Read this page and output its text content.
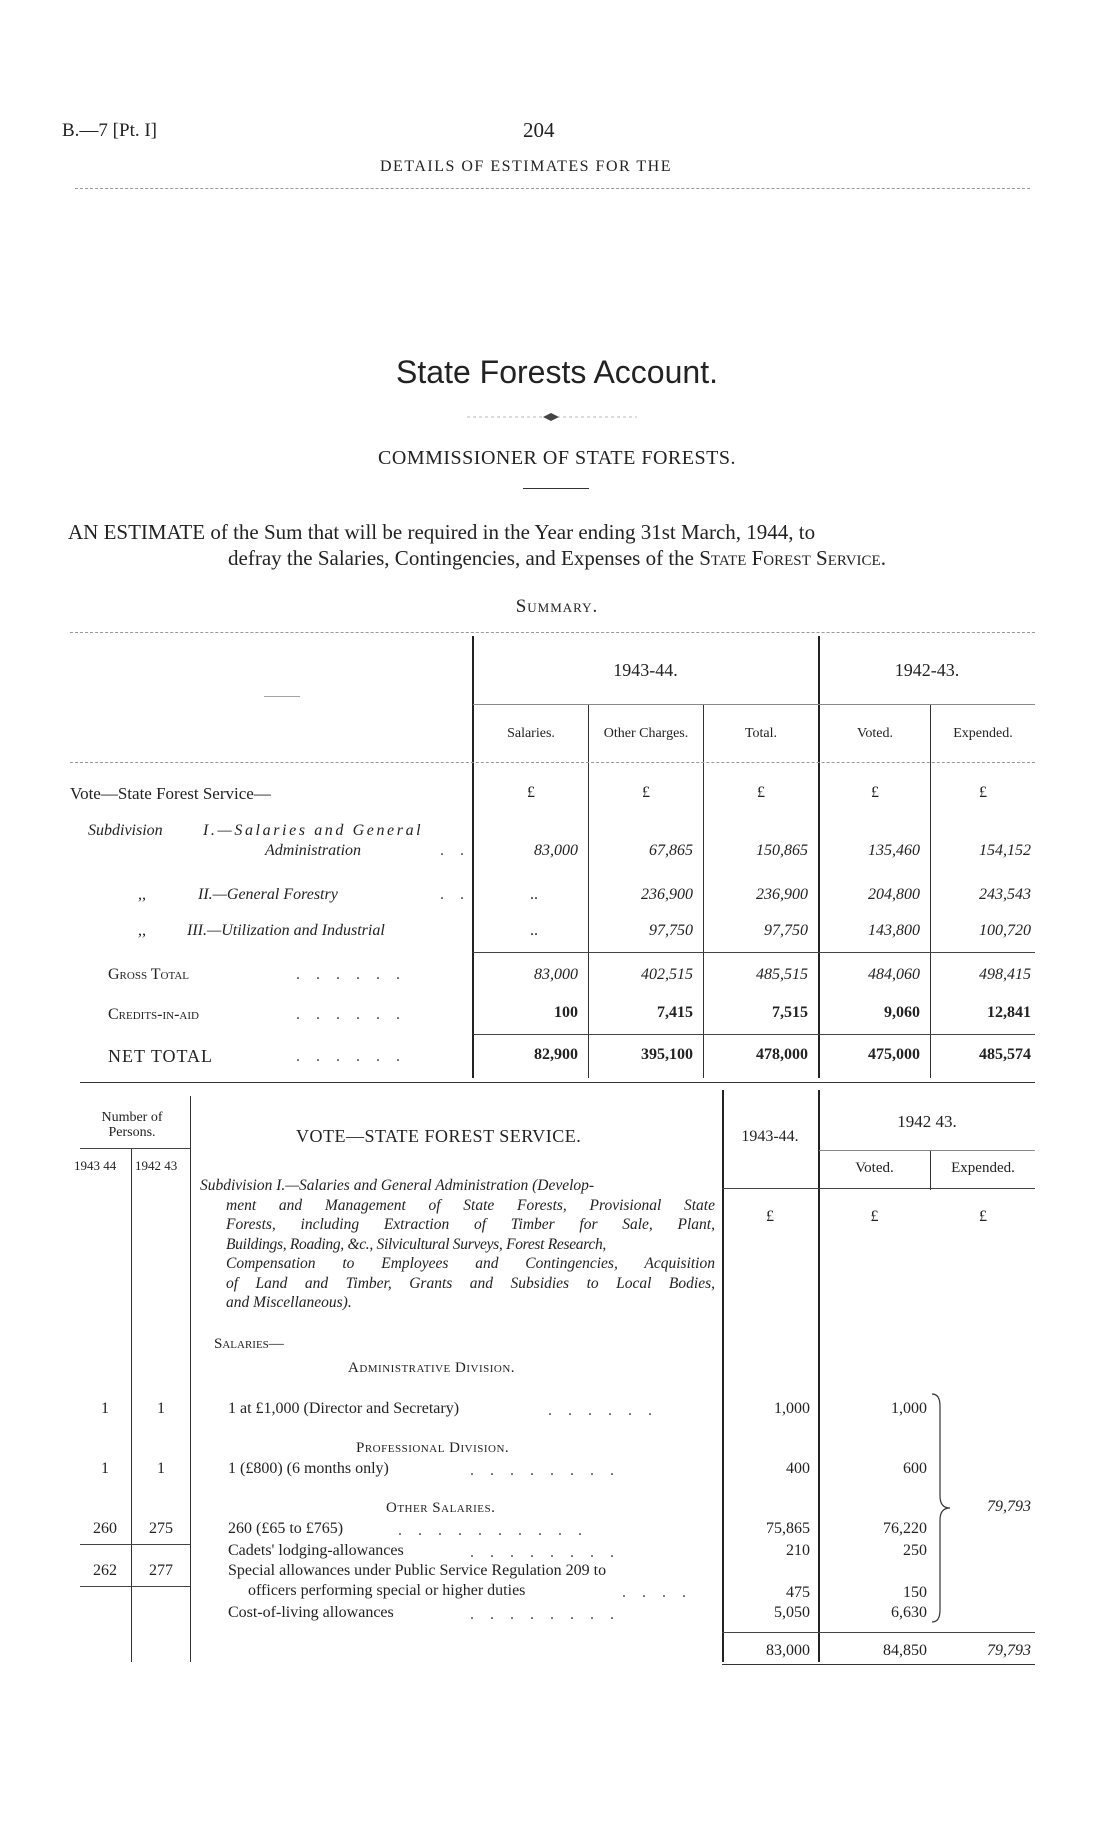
B.—7 [Pt. I]	204
DETAILS OF ESTIMATES FOR THE
State Forests Account.
COMMISSIONER OF STATE FORESTS.
AN ESTIMATE of the Sum that will be required in the Year ending 31st March, 1944, to
defray the Salaries, Contingencies, and Expenses of the State Forest Service.
Summary.
———
1943-44.	1942-43.
Salaries.	Other Charges.	Total.	Voted.	Expended.
Vote—State Forest Service—	£	£	£	£	£
Subdivision	I.—Salaries and General
Administration	. .	83,000	67,865	150,865	135,460	154,152
,,	II.—General Forestry	. .	..	236,900	236,900	204,800	243,543
,,	III.—Utilization and Industrial	..	97,750	97,750	143,800	100,720
Gross Total	. . . . . .	83,000	402,515	485,515	484,060	498,415
Credits-in-aid	. . . . . .	100	7,415	7,515	9,060	12,841
NET TOTAL	. . . . . .	82,900	395,100	478,000	475,000	485,574
Number of Persons.
1943 44 1942 43
VOTE—STATE FOREST SERVICE.	1943-44.
1942 43.
Voted.	Expended.
£	£	£
Subdivision I.—Salaries and General Administration (Develop-
ment and Management of State Forests, Provisional State
Forests, including Extraction of Timber for Sale, Plant,
Buildings, Roading, &c., Silvicultural Surveys, Forest Research,
Compensation to Employees and Contingencies, Acquisition
of Land and Timber, Grants and Subsidies to Local Bodies,
and Miscellaneous).
Salaries—
Administrative Division.
1	1	1 at £1,000 (Director and Secretary)	. . . . . .	1,000	1,000
Professional Division.
1	1	1 (£800) (6 months only)	. . . . . . . .	400	600
Other Salaries.
260	275	260 (£65 to £765)	. . . . . . . . . .	75,865	76,220
Cadets' lodging-allowances	. . . . . . . .	210	250
262	277	Special allowances under Public Service Regulation 209 to
officers performing special or higher duties	. . . .	475	150
Cost-of-living allowances	. . . . . . . .	5,050	6,630
79,793
83,000	84,850	79,793
